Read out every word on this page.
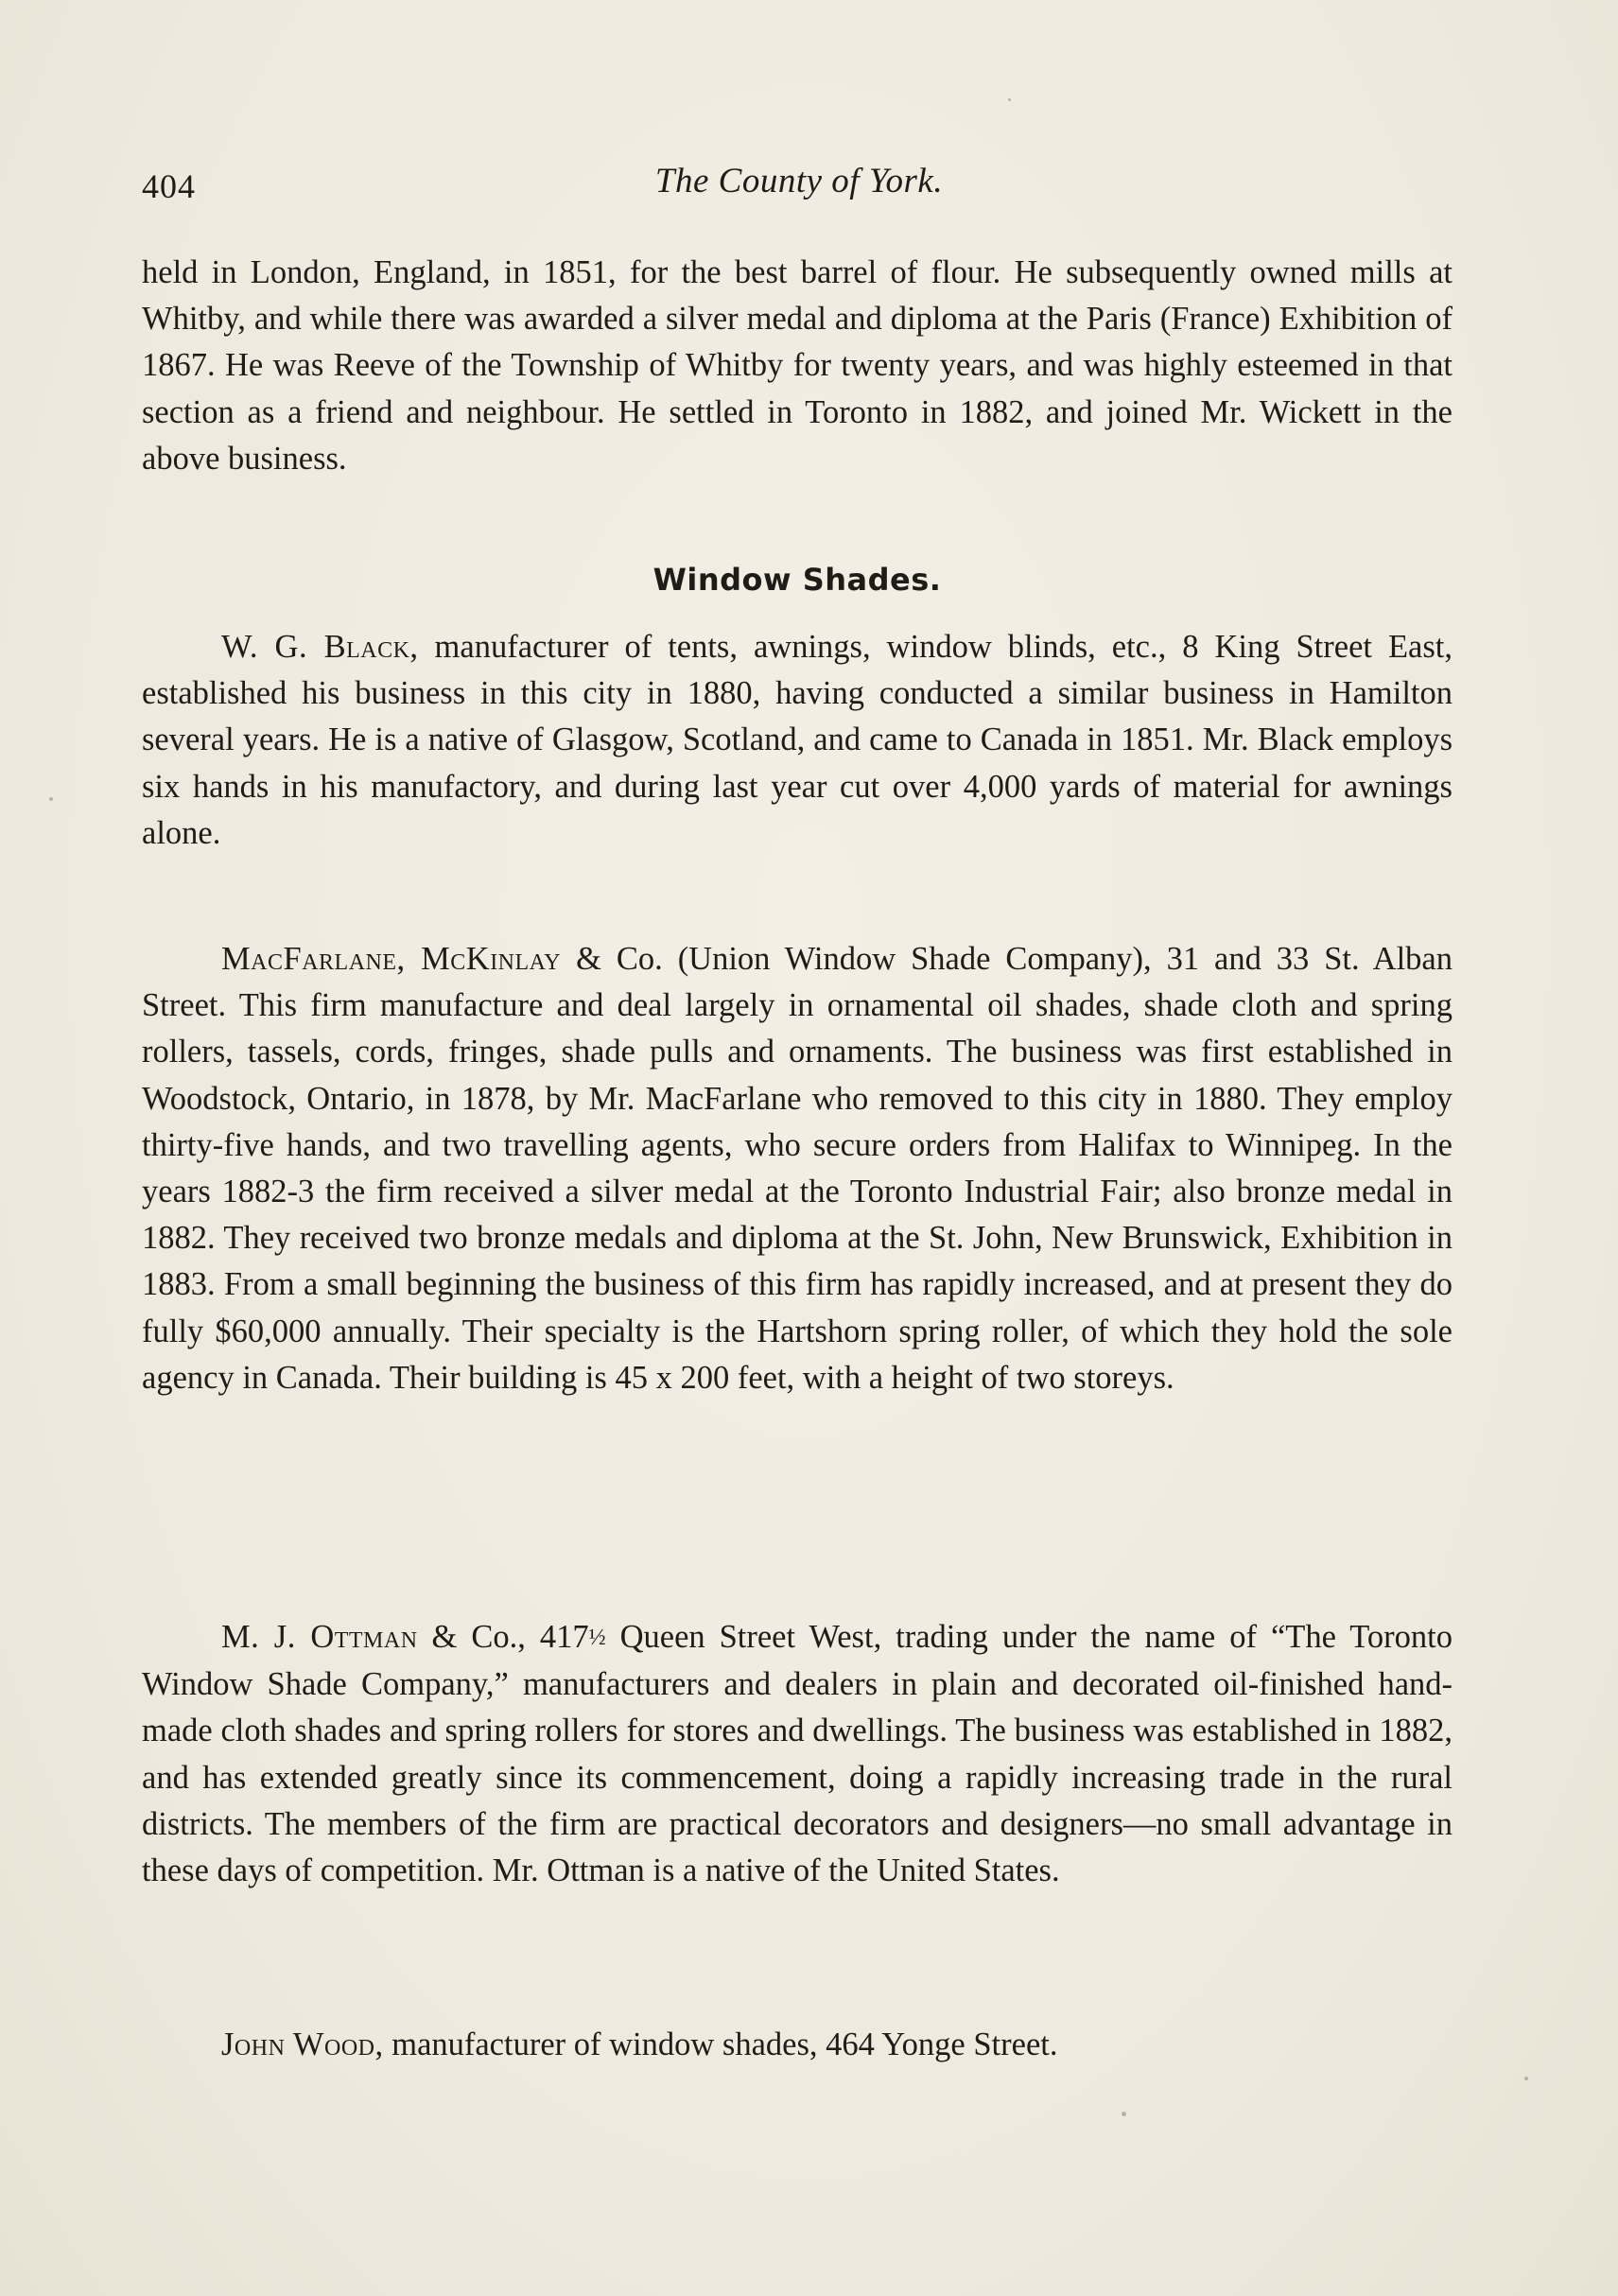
404	The County of York.

held in London, England, in 1851, for the best barrel of flour. He subsequently owned mills at Whitby, and while there was awarded a silver medal and diploma at the Paris (France) Exhibition of 1867. He was Reeve of the Township of Whitby for twenty years, and was highly esteemed in that section as a friend and neighbour. He settled in Toronto in 1882, and joined Mr. Wickett in the above business.

Window Shades.

W. G. Black, manufacturer of tents, awnings, window blinds, etc., 8 King Street East, established his business in this city in 1880, having conducted a similar business in Hamilton several years. He is a native of Glasgow, Scotland, and came to Canada in 1851. Mr. Black employs six hands in his manufactory, and during last year cut over 4,000 yards of material for awnings alone.

MacFarlane, McKinlay & Co. (Union Window Shade Company), 31 and 33 St. Alban Street. This firm manufacture and deal largely in ornamental oil shades, shade cloth and spring rollers, tassels, cords, fringes, shade pulls and ornaments. The business was first established in Woodstock, Ontario, in 1878, by Mr. MacFarlane who removed to this city in 1880. They employ thirty-five hands, and two travelling agents, who secure orders from Halifax to Winnipeg. In the years 1882-3 the firm received a silver medal at the Toronto Industrial Fair; also bronze medal in 1882. They received two bronze medals and diploma at the St. John, New Brunswick, Exhibition in 1883. From a small beginning the business of this firm has rapidly increased, and at present they do fully $60,000 annually. Their specialty is the Hartshorn spring roller, of which they hold the sole agency in Canada. Their building is 45 x 200 feet, with a height of two storeys.

M. J. Ottman & Co., 417½ Queen Street West, trading under the name of “The Toronto Window Shade Company,” manufacturers and dealers in plain and decorated oil-finished hand-made cloth shades and spring rollers for stores and dwellings. The business was established in 1882, and has extended greatly since its commencement, doing a rapidly increasing trade in the rural districts. The members of the firm are practical decorators and designers—no small advantage in these days of competition. Mr. Ottman is a native of the United States.

John Wood, manufacturer of window shades, 464 Yonge Street.
